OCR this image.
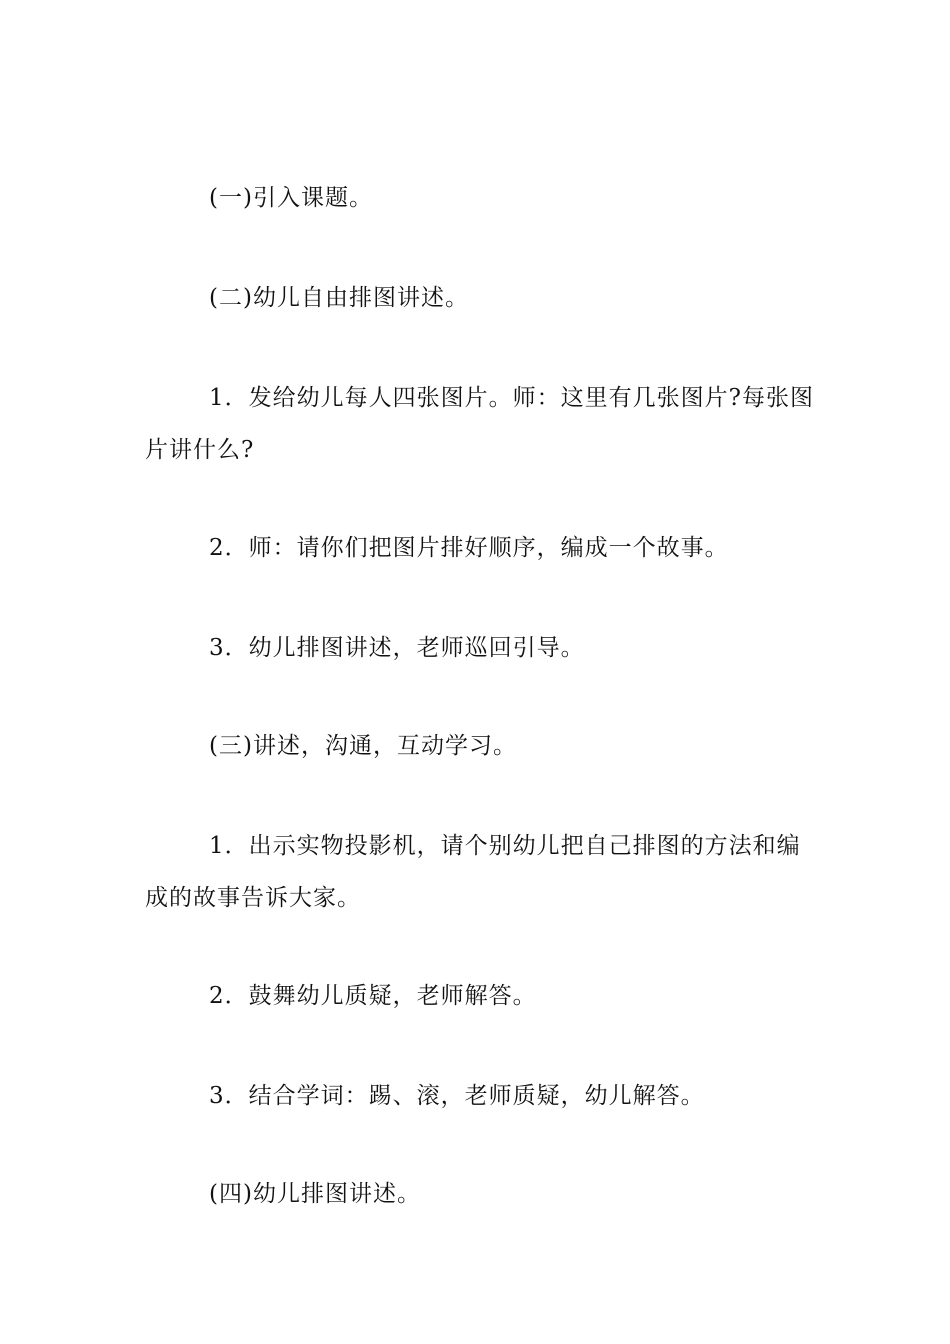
(一)引入课题。

(二)幼儿自由排图讲述。

1．发给幼儿每人四张图片。师：这里有几张图片?每张图片讲什么?

2．师：请你们把图片排好顺序，编成一个故事。

3．幼儿排图讲述，老师巡回引导。

(三)讲述，沟通，互动学习。

1．出示实物投影机，请个别幼儿把自己排图的方法和编成的故事告诉大家。

2．鼓舞幼儿质疑，老师解答。

3．结合学词：踢、滚，老师质疑，幼儿解答。

(四)幼儿排图讲述。
